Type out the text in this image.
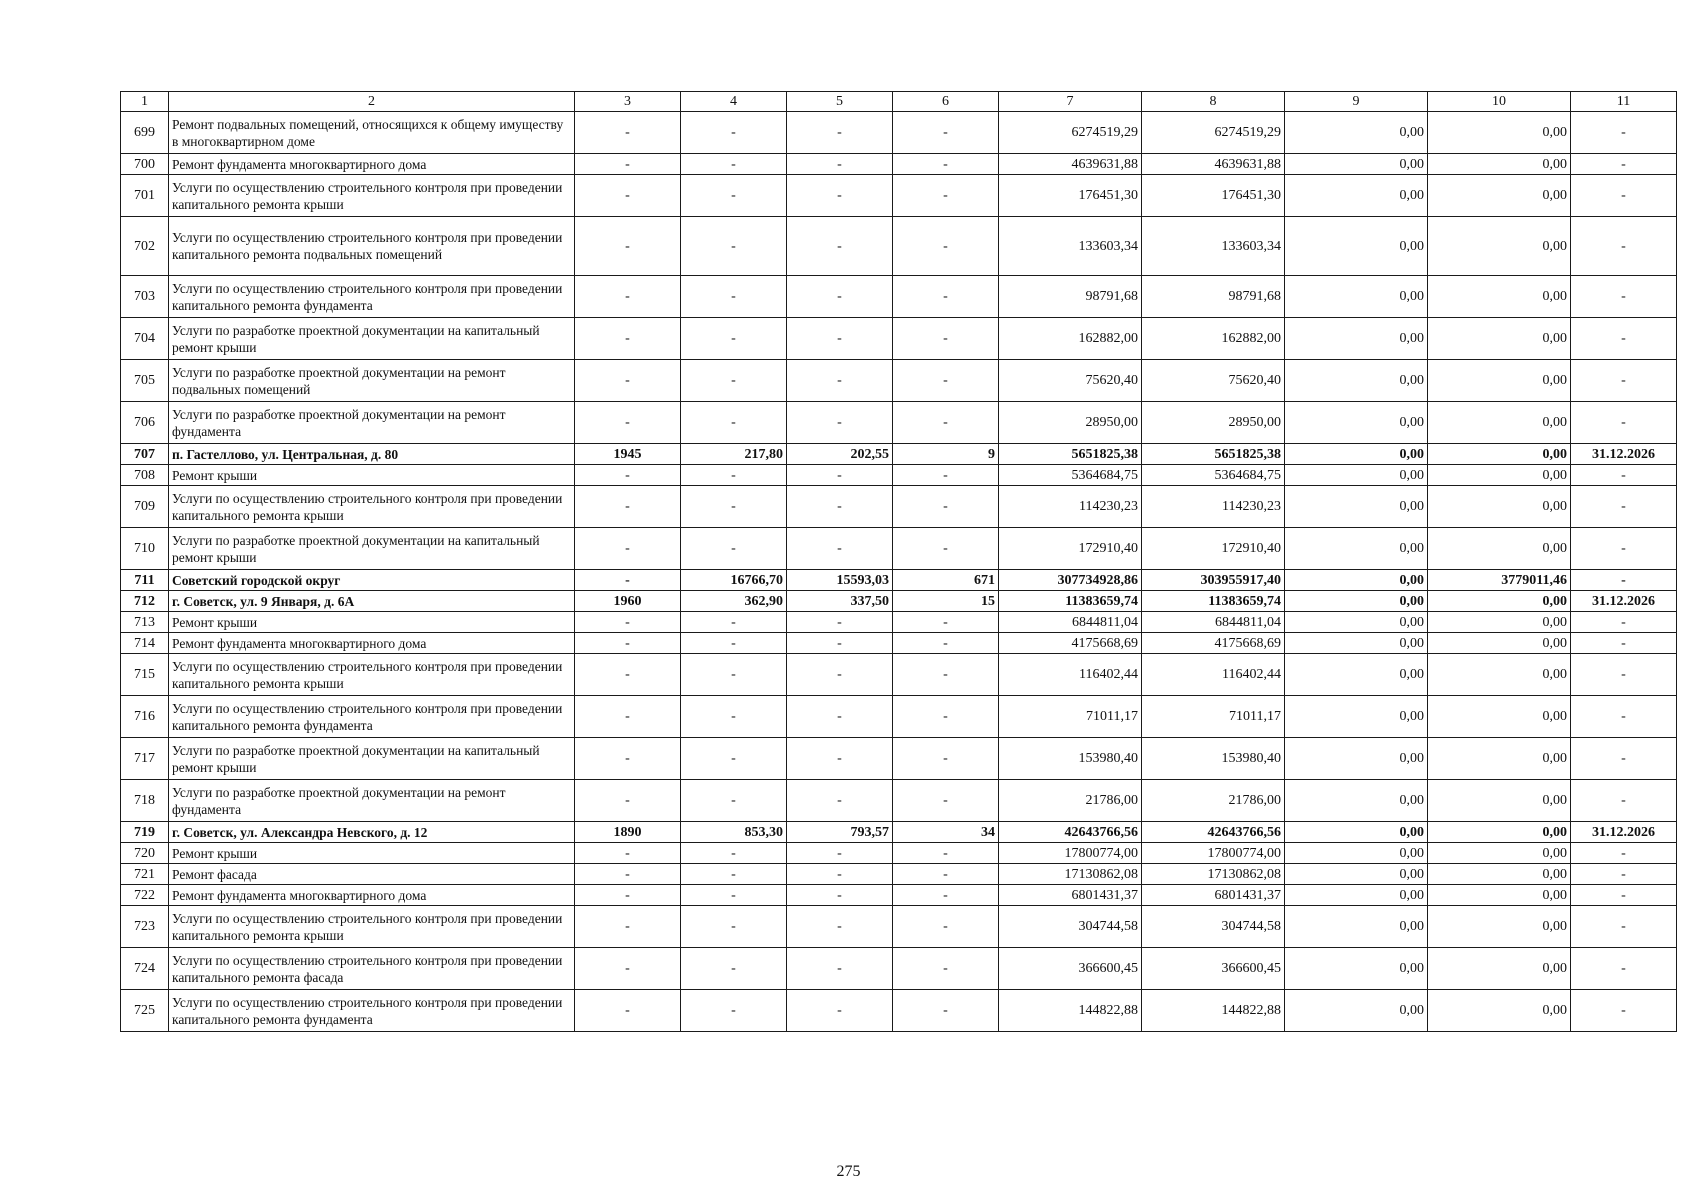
1	2	3	4	5	6	7	8	9	10	11
699	Ремонт подвальных помещений, относящихся к общему имуществу в многоквартирном доме	-	-	-	-	6274519,29	6274519,29	0,00	0,00	-
700	Ремонт фундамента многоквартирного дома	-	-	-	-	4639631,88	4639631,88	0,00	0,00	-
701	Услуги по осуществлению строительного контроля при проведении капитального ремонта крыши	-	-	-	-	176451,30	176451,30	0,00	0,00	-
702	Услуги по осуществлению строительного контроля при проведении капитального ремонта подвальных помещений	-	-	-	-	133603,34	133603,34	0,00	0,00	-
703	Услуги по осуществлению строительного контроля при проведении капитального ремонта фундамента	-	-	-	-	98791,68	98791,68	0,00	0,00	-
704	Услуги по разработке проектной документации на капитальный ремонт крыши	-	-	-	-	162882,00	162882,00	0,00	0,00	-
705	Услуги по разработке проектной документации на ремонт подвальных помещений	-	-	-	-	75620,40	75620,40	0,00	0,00	-
706	Услуги по разработке проектной документации на ремонт фундамента	-	-	-	-	28950,00	28950,00	0,00	0,00	-
707	п. Гастеллово, ул. Центральная, д. 80	1945	217,80	202,55	9	5651825,38	5651825,38	0,00	0,00	31.12.2026
708	Ремонт крыши	-	-	-	-	5364684,75	5364684,75	0,00	0,00	-
709	Услуги по осуществлению строительного контроля при проведении капитального ремонта крыши	-	-	-	-	114230,23	114230,23	0,00	0,00	-
710	Услуги по разработке проектной документации на капитальный ремонт крыши	-	-	-	-	172910,40	172910,40	0,00	0,00	-
711	Советский городской округ	-	16766,70	15593,03	671	307734928,86	303955917,40	0,00	3779011,46	-
712	г. Советск, ул. 9 Января, д. 6А	1960	362,90	337,50	15	11383659,74	11383659,74	0,00	0,00	31.12.2026
713	Ремонт крыши	-	-	-	-	6844811,04	6844811,04	0,00	0,00	-
714	Ремонт фундамента многоквартирного дома	-	-	-	-	4175668,69	4175668,69	0,00	0,00	-
715	Услуги по осуществлению строительного контроля при проведении капитального ремонта крыши	-	-	-	-	116402,44	116402,44	0,00	0,00	-
716	Услуги по осуществлению строительного контроля при проведении капитального ремонта фундамента	-	-	-	-	71011,17	71011,17	0,00	0,00	-
717	Услуги по разработке проектной документации на капитальный ремонт крыши	-	-	-	-	153980,40	153980,40	0,00	0,00	-
718	Услуги по разработке проектной документации на ремонт фундамента	-	-	-	-	21786,00	21786,00	0,00	0,00	-
719	г. Советск, ул. Александра Невского, д. 12	1890	853,30	793,57	34	42643766,56	42643766,56	0,00	0,00	31.12.2026
720	Ремонт крыши	-	-	-	-	17800774,00	17800774,00	0,00	0,00	-
721	Ремонт фасада	-	-	-	-	17130862,08	17130862,08	0,00	0,00	-
722	Ремонт фундамента многоквартирного дома	-	-	-	-	6801431,37	6801431,37	0,00	0,00	-
723	Услуги по осуществлению строительного контроля при проведении капитального ремонта крыши	-	-	-	-	304744,58	304744,58	0,00	0,00	-
724	Услуги по осуществлению строительного контроля при проведении капитального ремонта фасада	-	-	-	-	366600,45	366600,45	0,00	0,00	-
725	Услуги по осуществлению строительного контроля при проведении капитального ремонта фундамента	-	-	-	-	144822,88	144822,88	0,00	0,00	-
275
